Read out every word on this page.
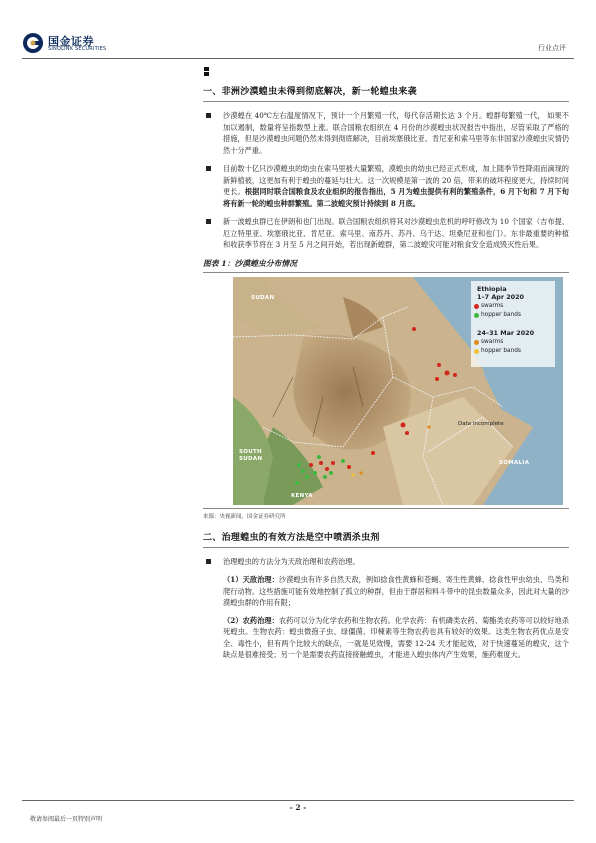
国金证券
SINOLINK SECURITIES	行业点评
一、非洲沙漠蝗虫未得到彻底解决，新一轮蝗虫来袭
沙漠蝗在 40℃左右温度情况下，预计一个月繁殖一代，每代存活期长达 3 个月。蝗群每繁殖一代， 如果不加以遏制，数量将呈指数型上涨。联合国粮农组织在 4 月份的沙漠蝗虫状况报告中指出，尽管采取了严格的措施，但是沙漠蝗虫问题仍然未得到彻底解决，目前埃塞俄比亚、肯尼亚和索马里等东非国家沙漠蝗虫灾情仍然十分严重。
目前数十亿只沙漠蝗虫的幼虫在索马里被大量繁殖，漠蝗虫的幼虫已经正式形成，加上随季节性降雨而滴现的新鲜植被，这更加有利于蝗虫的蔓延与壮大。这一次规模是第一波的 20 倍，带来的破坏程度更大，持续时间更长。根据同时联合国粮食及农业组织的报告指出，5 月为蝗虫提供有利的繁殖条件，6 月下旬和 7 月下旬将有新一轮的蝗虫种群繁殖。第二波蝗灾预计持续到 8 月底。
新一波蝗虫群已在伊朗和也门出现。联合国粮农组织将其对沙漠蝗虫危机的呼吁修改为 10 个国家（吉布提、厄立特里亚、埃塞俄比亚、肯尼亚、索马里、南苏丹、苏丹、乌干达、坦桑尼亚和也门）。东非最重要的种植和收获季节将在 3 月至 5 月之间开始，若出现新蝗群，第二波蝗灾可能对粮食安全造成毁灭性后果。
图表 1：沙漠蝗虫分布情况
SUDAN
SOUTH
SUDAN
SOMALIA
KENYA
Data incomplete
Ethiopia
1–7 Apr 2020
swarms
hopper bands
24–31 Mar 2020
swarms
hopper bands
来源：央视新闻，国金证券研究所
二、治理蝗虫的有效方法是空中喷洒杀虫剂
治理蝗虫的方法分为天敌治理和农药治理。
（1）天敌治理：沙漠蝗虫有许多自然天敌，例如捻食性黄蜂和苍蝇、寄生性黄蜂、捻食性甲虫幼虫、鸟类和爬行动物。这些措施可能有效地控制了孤立的种群，但由于群居和料斗带中的昆虫数量众多，因此对大量的沙漠蝗虫群的作用有限；
（2）农药治理：农药可以分为化学农药和生物农药。化学农药：有机磷类农药、菊酯类农药等可以较好地杀死蝗虫。生物农药：蝗虫微孢子虫、绿僵菌、印楝素等生物农药也具有较好的效果。这类生物农药优点是安全、毒性小，但有两个比较大的缺点，一就是见效慢，需要 12-24 天才能起效，对于快速蔓延的蝗灾，这个缺点是很难接受；另一个是需要农药直接接触蝗虫，才能进入蝗虫体内产生效果，施药难度大。
- 2 -
敬请参阅最后一页特别声明
